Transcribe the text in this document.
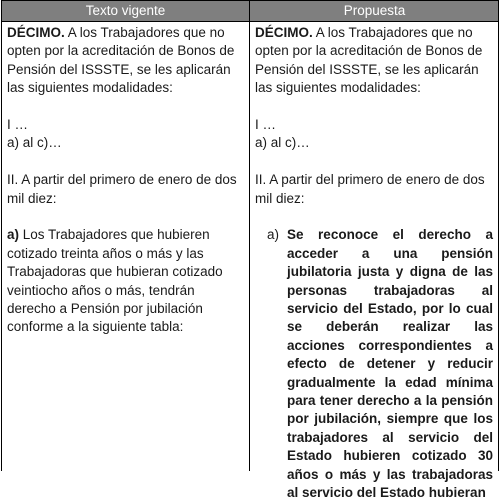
Texto vigente	Propuesta

DÉCIMO. A los Trabajadores que no opten por la acreditación de Bonos de Pensión del ISSSTE, se les aplicarán las siguientes modalidades:

I …

a) al c)…

II. A partir del primero de enero de dos mil diez:

a) Los Trabajadores que hubieren cotizado treinta años o más y las Trabajadoras que hubieran cotizado veintiocho años o más, tendrán derecho a Pensión por jubilación conforme a la siguiente tabla:

DÉCIMO. A los Trabajadores que no opten por la acreditación de Bonos de Pensión del ISSSTE, se les aplicarán las siguientes modalidades:

I …

a) al c)…

II. A partir del primero de enero de dos mil diez:

a) Se reconoce el derecho a acceder a una pensión jubilatoria justa y digna de las personas trabajadoras al servicio del Estado, por lo cual se deberán realizar las acciones correspondientes a efecto de detener y reducir gradualmente la edad mínima para tener derecho a la pensión por jubilación, siempre que los trabajadores al servicio del Estado hubieren cotizado 30 años o más y las trabajadoras al servicio del Estado hubieran
